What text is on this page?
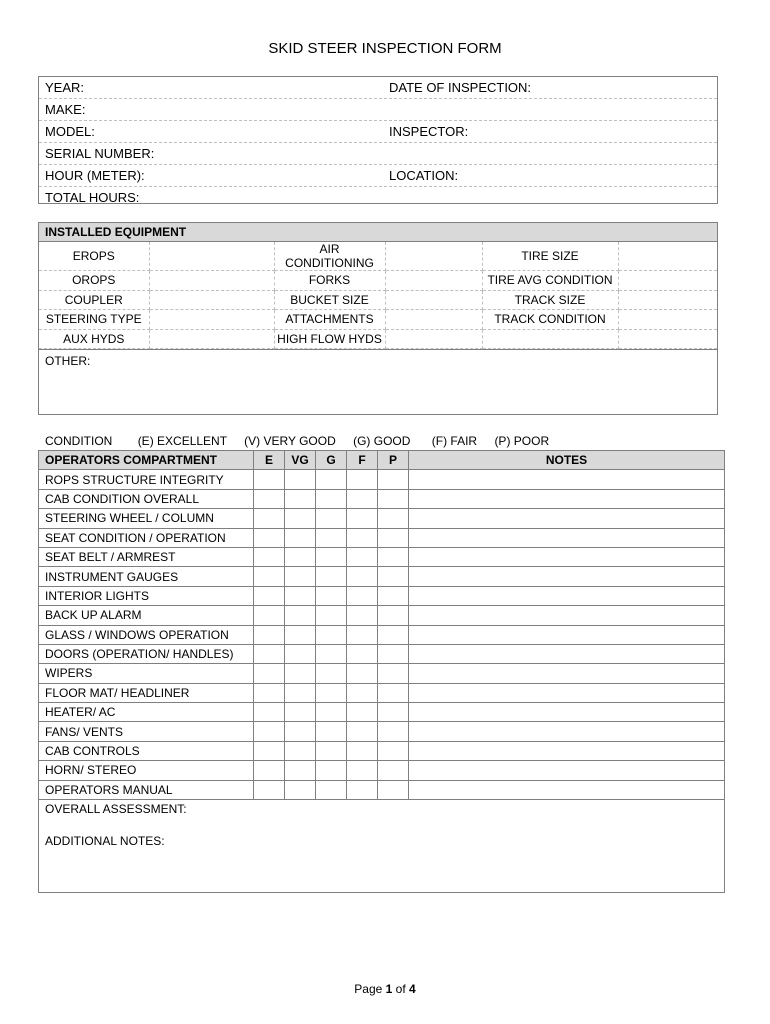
SKID STEER INSPECTION FORM
YEAR:	DATE OF INSPECTION:
MAKE:
MODEL:	INSPECTOR:
SERIAL NUMBER:
HOUR (METER):	LOCATION:
TOTAL HOURS:
INSTALLED EQUIPMENT
EROPS		AIR CONDITIONING		TIRE SIZE	
OROPS		FORKS		TIRE AVG CONDITION	
COUPLER		BUCKET SIZE		TRACK SIZE	
STEERING TYPE		ATTACHMENTS		TRACK CONDITION	
AUX HYDS		HIGH FLOW HYDS			
OTHER:
CONDITION (E) EXCELLENT (V) VERY GOOD (G) GOOD (F) FAIR (P) POOR
OPERATORS COMPARTMENT	E	VG	G	F	P	NOTES
ROPS STRUCTURE INTEGRITY						
CAB CONDITION OVERALL						
STEERING WHEEL / COLUMN						
SEAT CONDITION / OPERATION						
SEAT BELT / ARMREST						
INSTRUMENT GAUGES						
INTERIOR LIGHTS						
BACK UP ALARM						
GLASS / WINDOWS OPERATION						
DOORS (OPERATION/ HANDLES)						
WIPERS						
FLOOR MAT/ HEADLINER						
HEATER/ AC						
FANS/ VENTS						
CAB CONTROLS						
HORN/ STEREO						
OPERATORS MANUAL						
OVERALL ASSESSMENT:
ADDITIONAL NOTES:
Page 1 of 4
